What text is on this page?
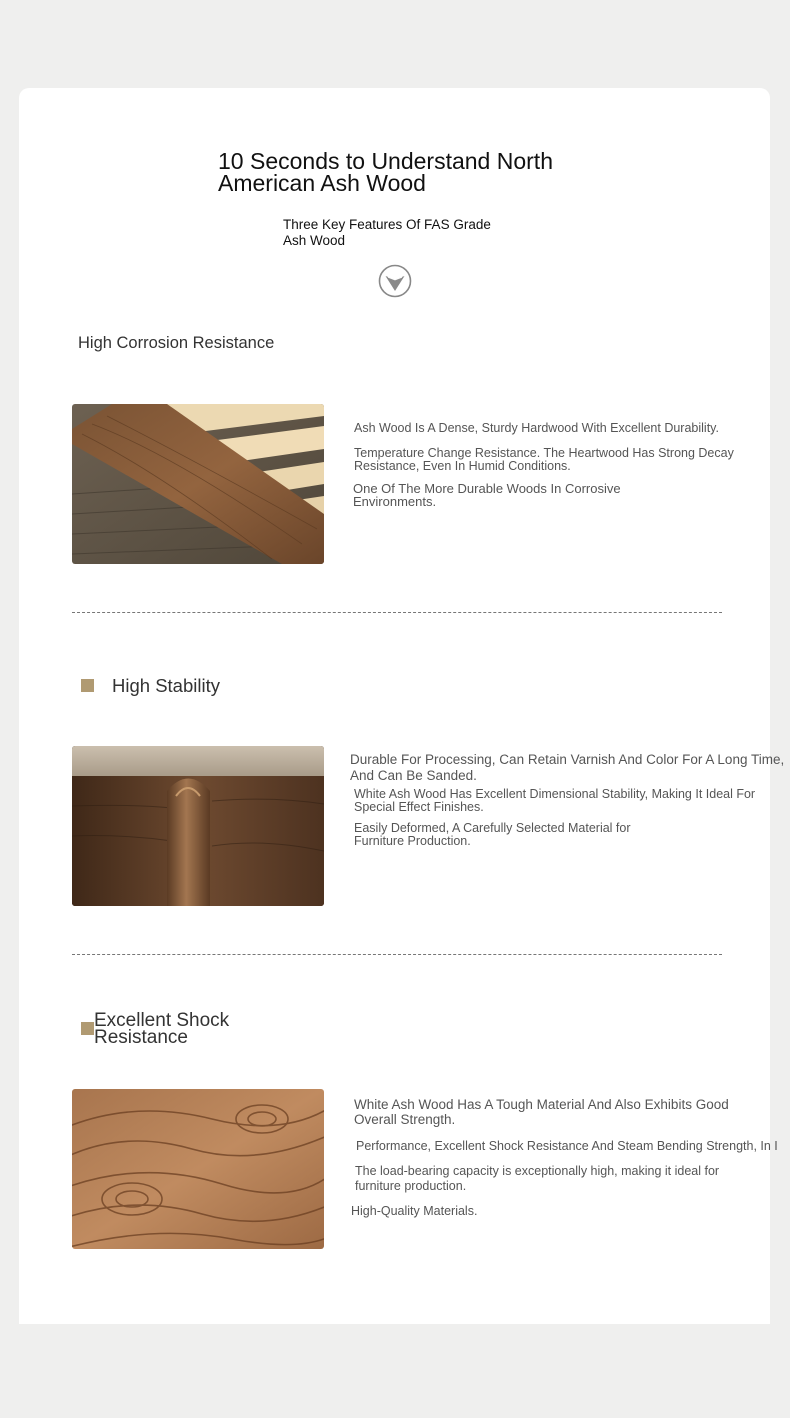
10 Seconds to Understand North American Ash Wood
Three Key Features Of FAS Grade Ash Wood
High Corrosion Resistance
Ash Wood Is A Dense, Sturdy Hardwood With Excellent Durability.
Temperature Change Resistance. The Heartwood Has Strong Decay Resistance, Even In Humid Conditions.
One Of The More Durable Woods In Corrosive Environments.
High Stability
Durable For Processing, Can Retain Varnish And Color For A Long Time, And Can Be Sanded.
White Ash Wood Has Excellent Dimensional Stability, Making It Ideal For Special Effect Finishes.
Easily Deformed, A Carefully Selected Material for Furniture Production.
Excellent Shock Resistance
White Ash Wood Has A Tough Material And Also Exhibits Good Overall Strength.
Performance, Excellent Shock Resistance And Steam Bending Strength, In I
The load-bearing capacity is exceptionally high, making it ideal for furniture production.
High-Quality Materials.
